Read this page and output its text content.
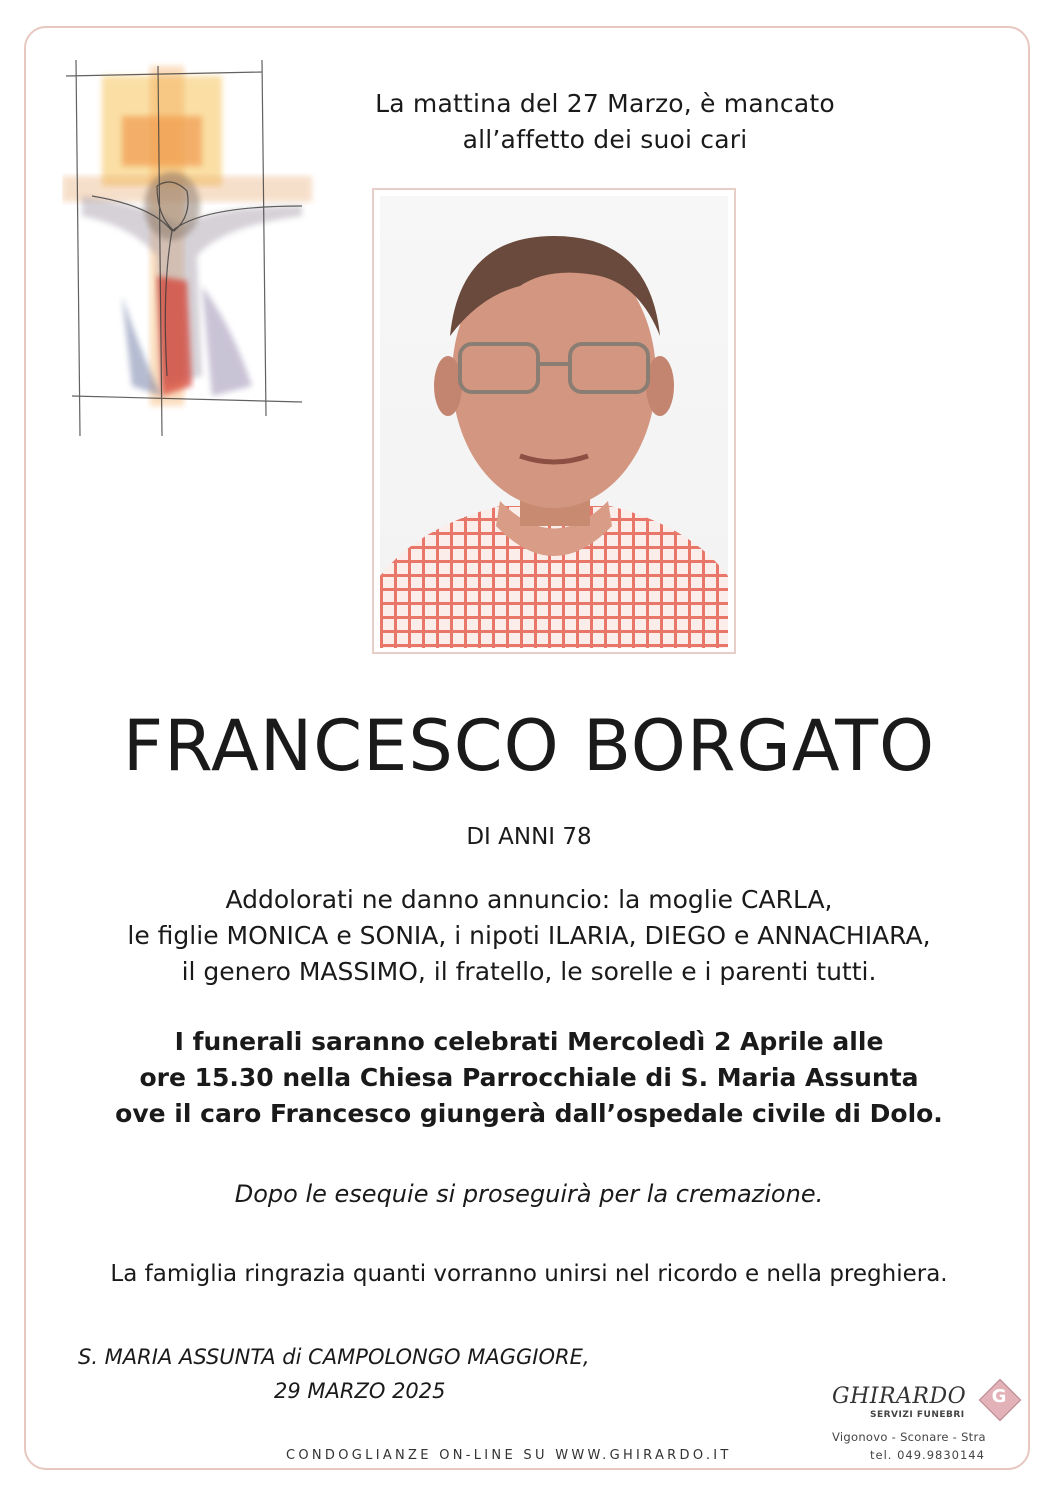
La mattina del 27 Marzo, è mancato
all’affetto dei suoi cari
FRANCESCO BORGATO
DI ANNI 78
Addolorati ne danno annuncio: la moglie CARLA,
le figlie MONICA e SONIA, i nipoti ILARIA, DIEGO e ANNACHIARA,
il genero MASSIMO, il fratello, le sorelle e i parenti tutti.
I funerali saranno celebrati Mercoledì 2 Aprile alle
ore 15.30 nella Chiesa Parrocchiale di S. Maria Assunta
ove il caro Francesco giungerà dall’ospedale civile di Dolo.
Dopo le esequie si proseguirà per la cremazione.
La famiglia ringrazia quanti vorranno unirsi nel ricordo e nella preghiera.
S. MARIA ASSUNTA di CAMPOLONGO MAGGIORE,
29 MARZO 2025
CONDOGLIANZE ON-LINE SU WWW.GHIRARDO.IT
GHIRARDO
SERVIZI FUNEBRI
G
Vigonovo - Sconare - Stra
tel. 049.9830144
